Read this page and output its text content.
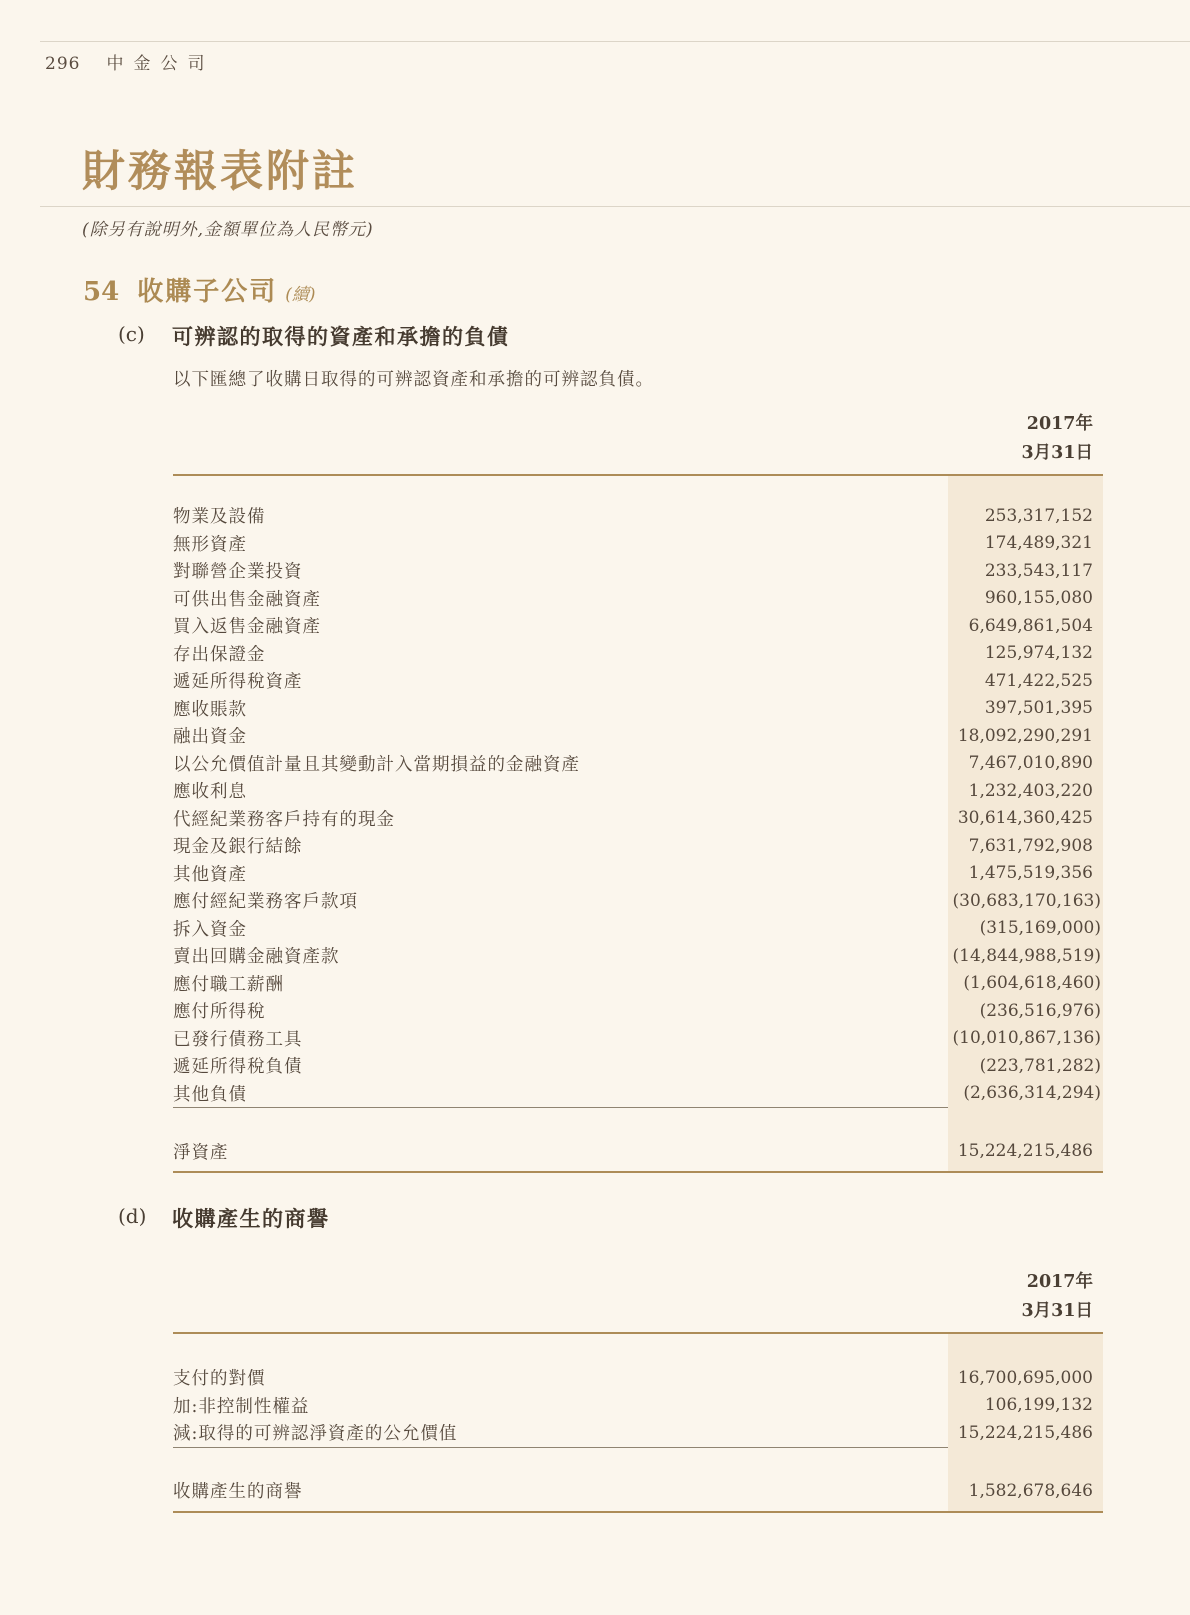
296 中金公司
財務報表附註

(除另有說明外,金額單位為人民幣元)

54 收購子公司 (續)
(c) 可辨認的取得的資產和承擔的負債

以下匯總了收購日取得的可辨認資產和承擔的可辨認負債。

2017年
3月31日
物業及設備	253,317,152
無形資產	174,489,321
對聯營企業投資	233,543,117
可供出售金融資產	960,155,080
買入返售金融資產	6,649,861,504
存出保證金	125,974,132
遞延所得稅資產	471,422,525
應收賬款	397,501,395
融出資金	18,092,290,291
以公允價值計量且其變動計入當期損益的金融資產	7,467,010,890
應收利息	1,232,403,220
代經紀業務客戶持有的現金	30,614,360,425
現金及銀行結餘	7,631,792,908
其他資產	1,475,519,356
應付經紀業務客戶款項	(30,683,170,163)
拆入資金	(315,169,000)
賣出回購金融資產款	(14,844,988,519)
應付職工薪酬	(1,604,618,460)
應付所得稅	(236,516,976)
已發行債務工具	(10,010,867,136)
遞延所得稅負債	(223,781,282)
其他負債	(2,636,314,294)
淨資產	15,224,215,486
(d) 收購產生的商譽
2017年
3月31日
支付的對價	16,700,695,000
加:非控制性權益	106,199,132
減:取得的可辨認淨資產的公允價值	15,224,215,486
收購產生的商譽	1,582,678,646
